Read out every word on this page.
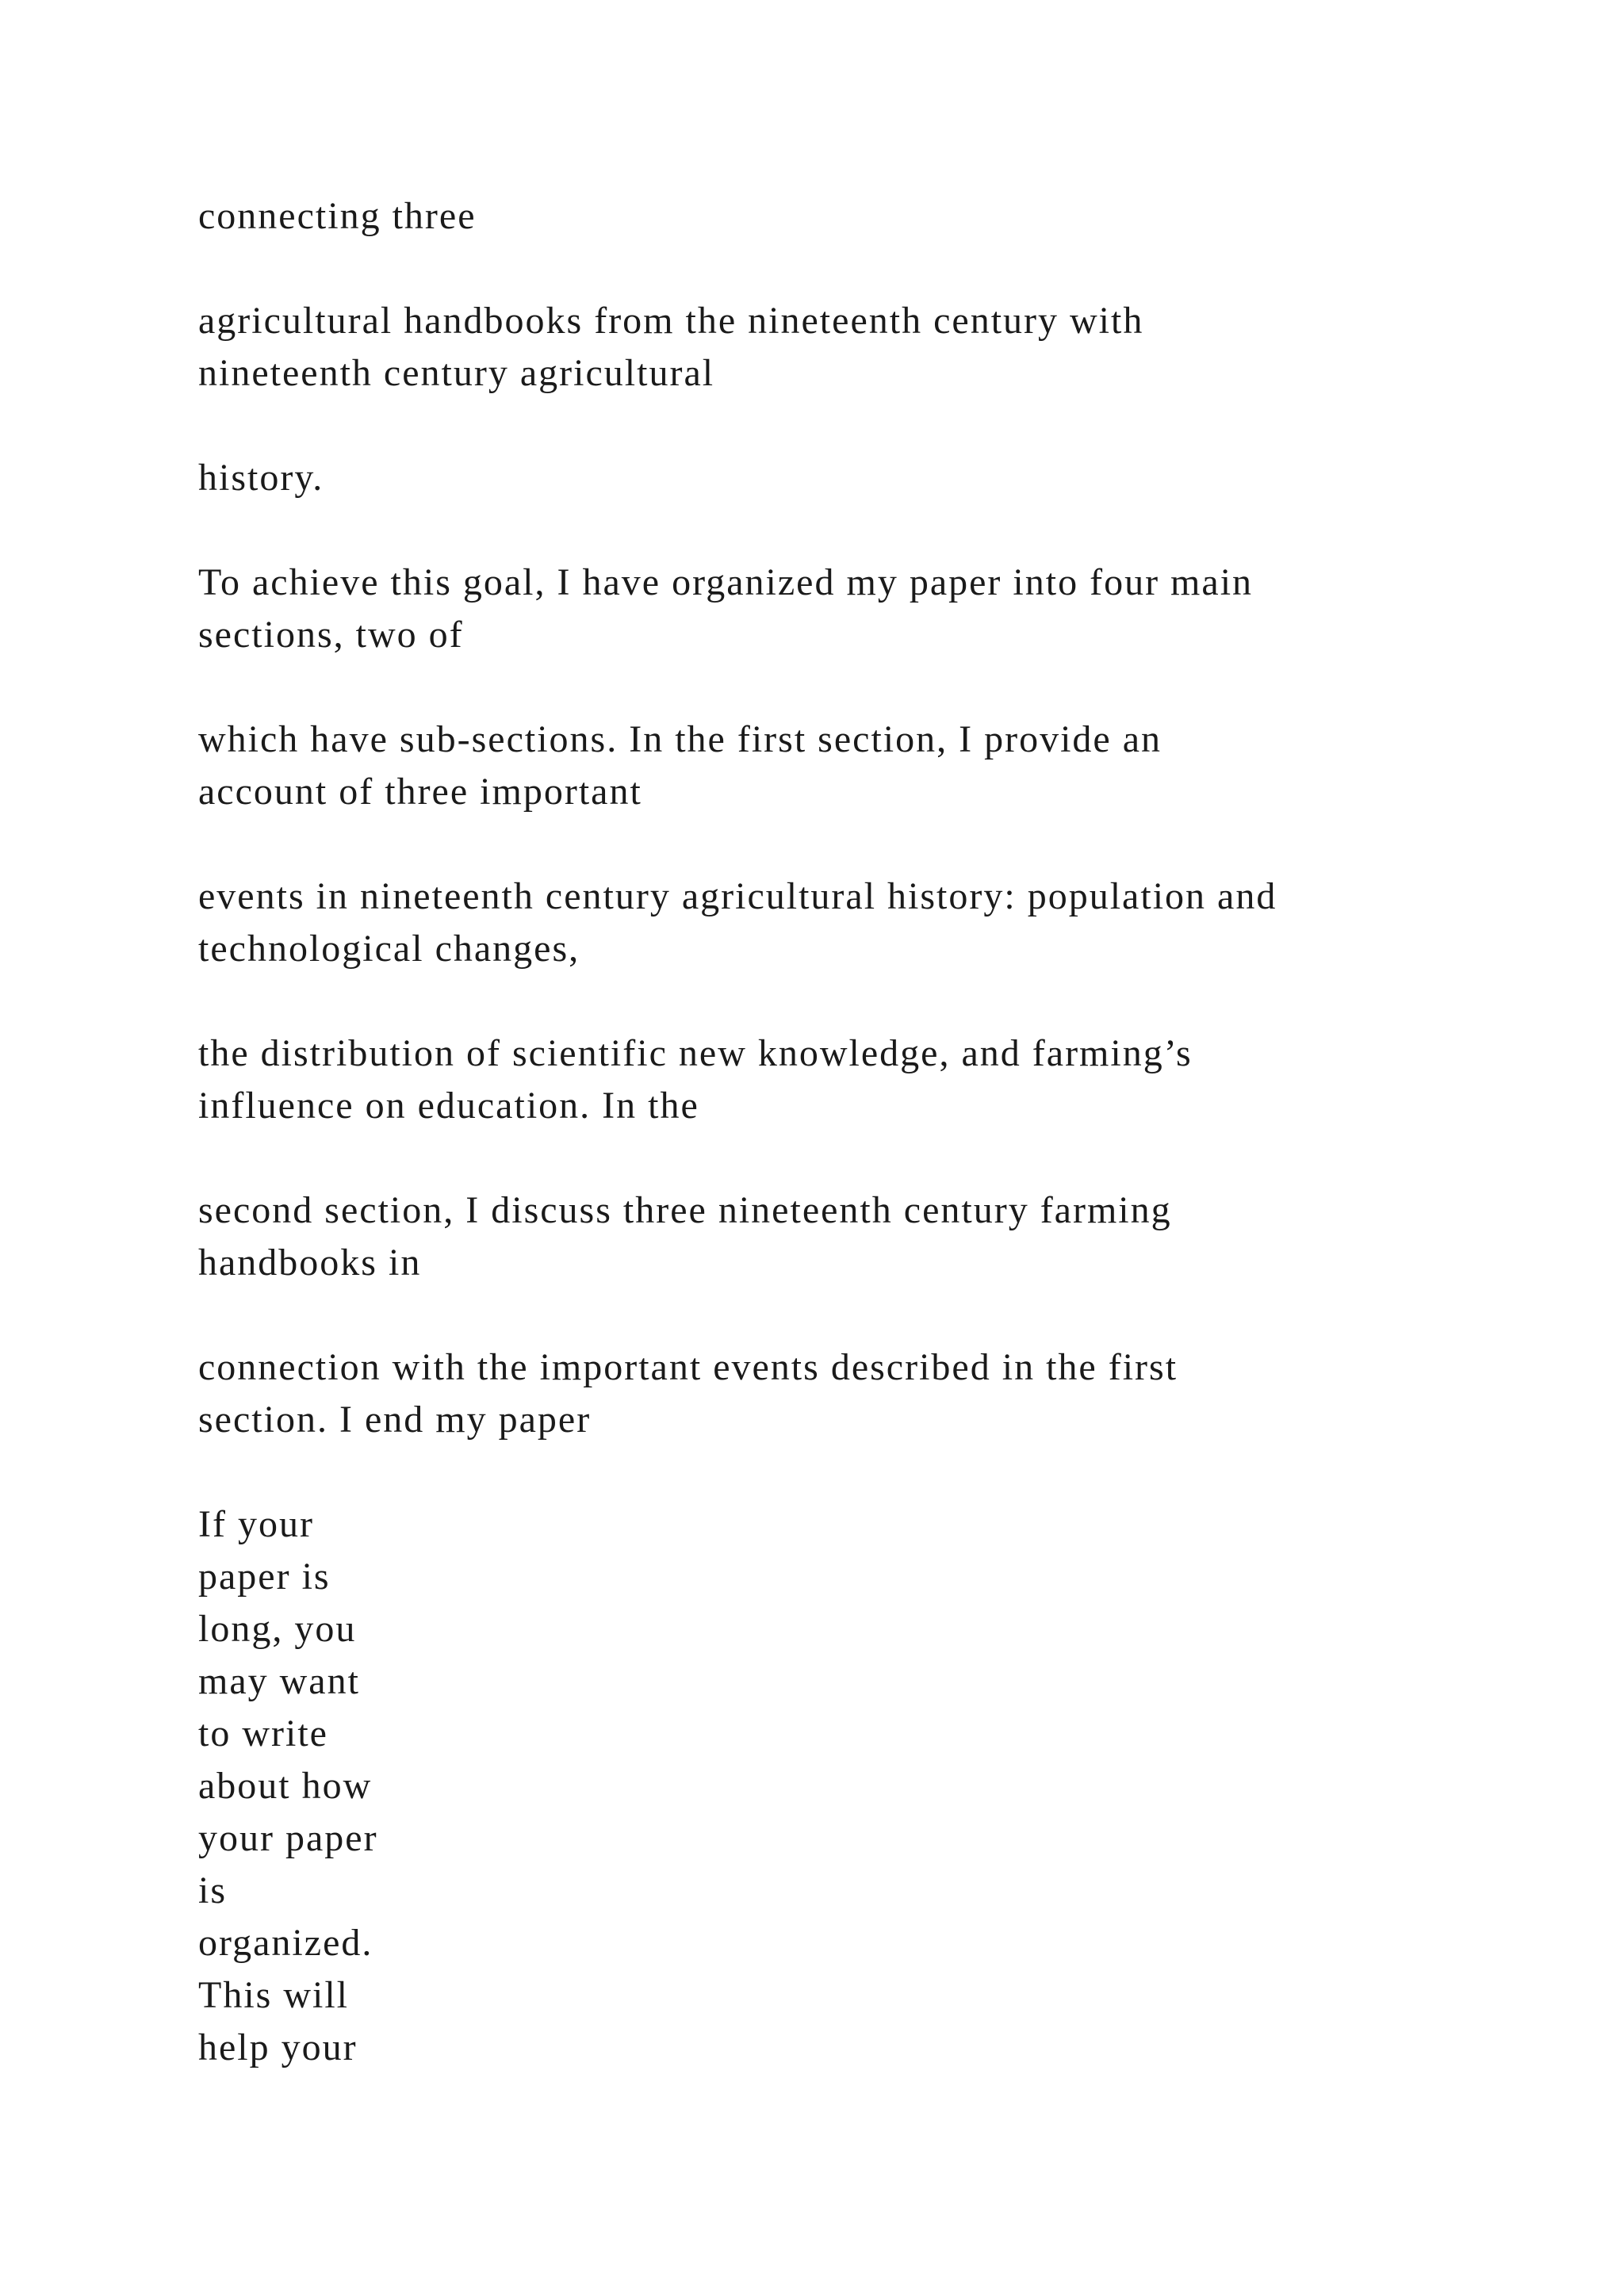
connecting three

agricultural handbooks from the nineteenth century with
nineteenth century agricultural

history.

To achieve this goal, I have organized my paper into four main
sections, two of

which have sub-sections. In the first section, I provide an
account of three important

events in nineteenth century agricultural history: population and
technological changes,

the distribution of scientific new knowledge, and farming’s
influence on education. In the

second section, I discuss three nineteenth century farming
handbooks in

connection with the important events described in the first
section. I end my paper

If your
paper is
long, you
may want
to write
about how
your paper
is
organized.
This will
help your
